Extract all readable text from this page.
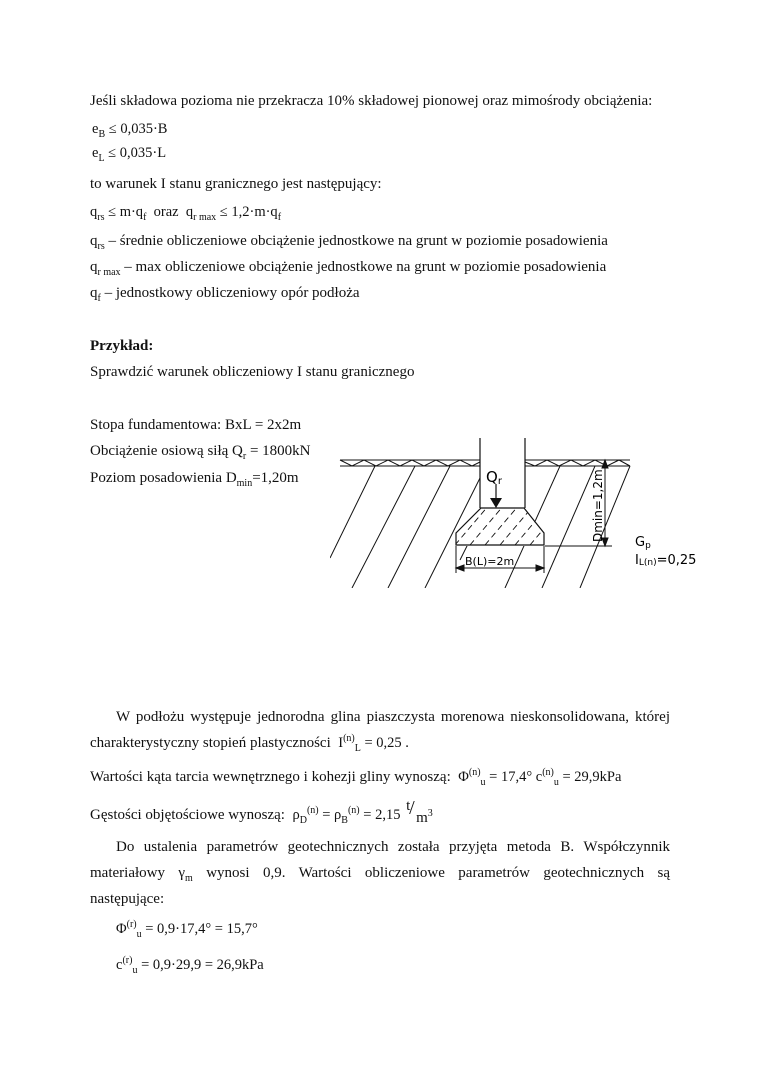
Jeśli składowa pozioma nie przekracza 10% składowej pionowej oraz mimośrody obciążenia:
$e_B \le 0,035\cdot B$
$e_L \le 0,035\cdot L$
to warunek I stanu granicznego jest następujący:
$q_{rs} \le m\cdot q_f$ oraz  $q_{r max} \le 1,2\cdot m\cdot q_f$
$q_{rs}$ – średnie obliczeniowe obciążenie jednostkowe na grunt w poziomie posadowienia
$q_{r max}$ – max obliczeniowe obciążenie jednostkowe na grunt w poziomie posadowienia
$q_f$ – jednostkowy obliczeniowy opór podłoża
Przykład:
Sprawdzić warunek obliczeniowy I stanu granicznego
Stopa fundamentowa: BxL = 2x2m
Obciążenie osiową siłą $Q_r = 1800kN$
Poziom posadowienia $D_{min}=1,20m$	Qr	Dmin=1,2m
B(L)=2m
Gp
IL(n)=0,25
W podłożu występuje jednorodna glina piaszczysta morenowa nieskonsolidowana, której charakterystyczny stopień plastyczności $I^{(n)}_L = 0,25$ .
Wartości kąta tarcia wewnętrznego i kohezji gliny wynoszą: $\Phi^{(n)}_u = 17,4^\circ$ $c^{(n)}_u = 29,9kPa$
Gęstości objętościowe wynoszą: $\rho_D^{(n)} = \rho_B^{(n)} = 2,15$
t
/ $m^3$
Do ustalenia parametrów geotechnicznych została przyjęta metoda B. Współczynnik materiałowy $\gamma_m$ wynosi 0,9. Wartości obliczeniowe parametrów geotechnicznych są następujące:
$\Phi^{(r)}_u = 0,9\cdot 17,4^\circ = 15,7^\circ$
$c^{(r)}_u = 0,9\cdot 29,9 = 26,9kPa$
